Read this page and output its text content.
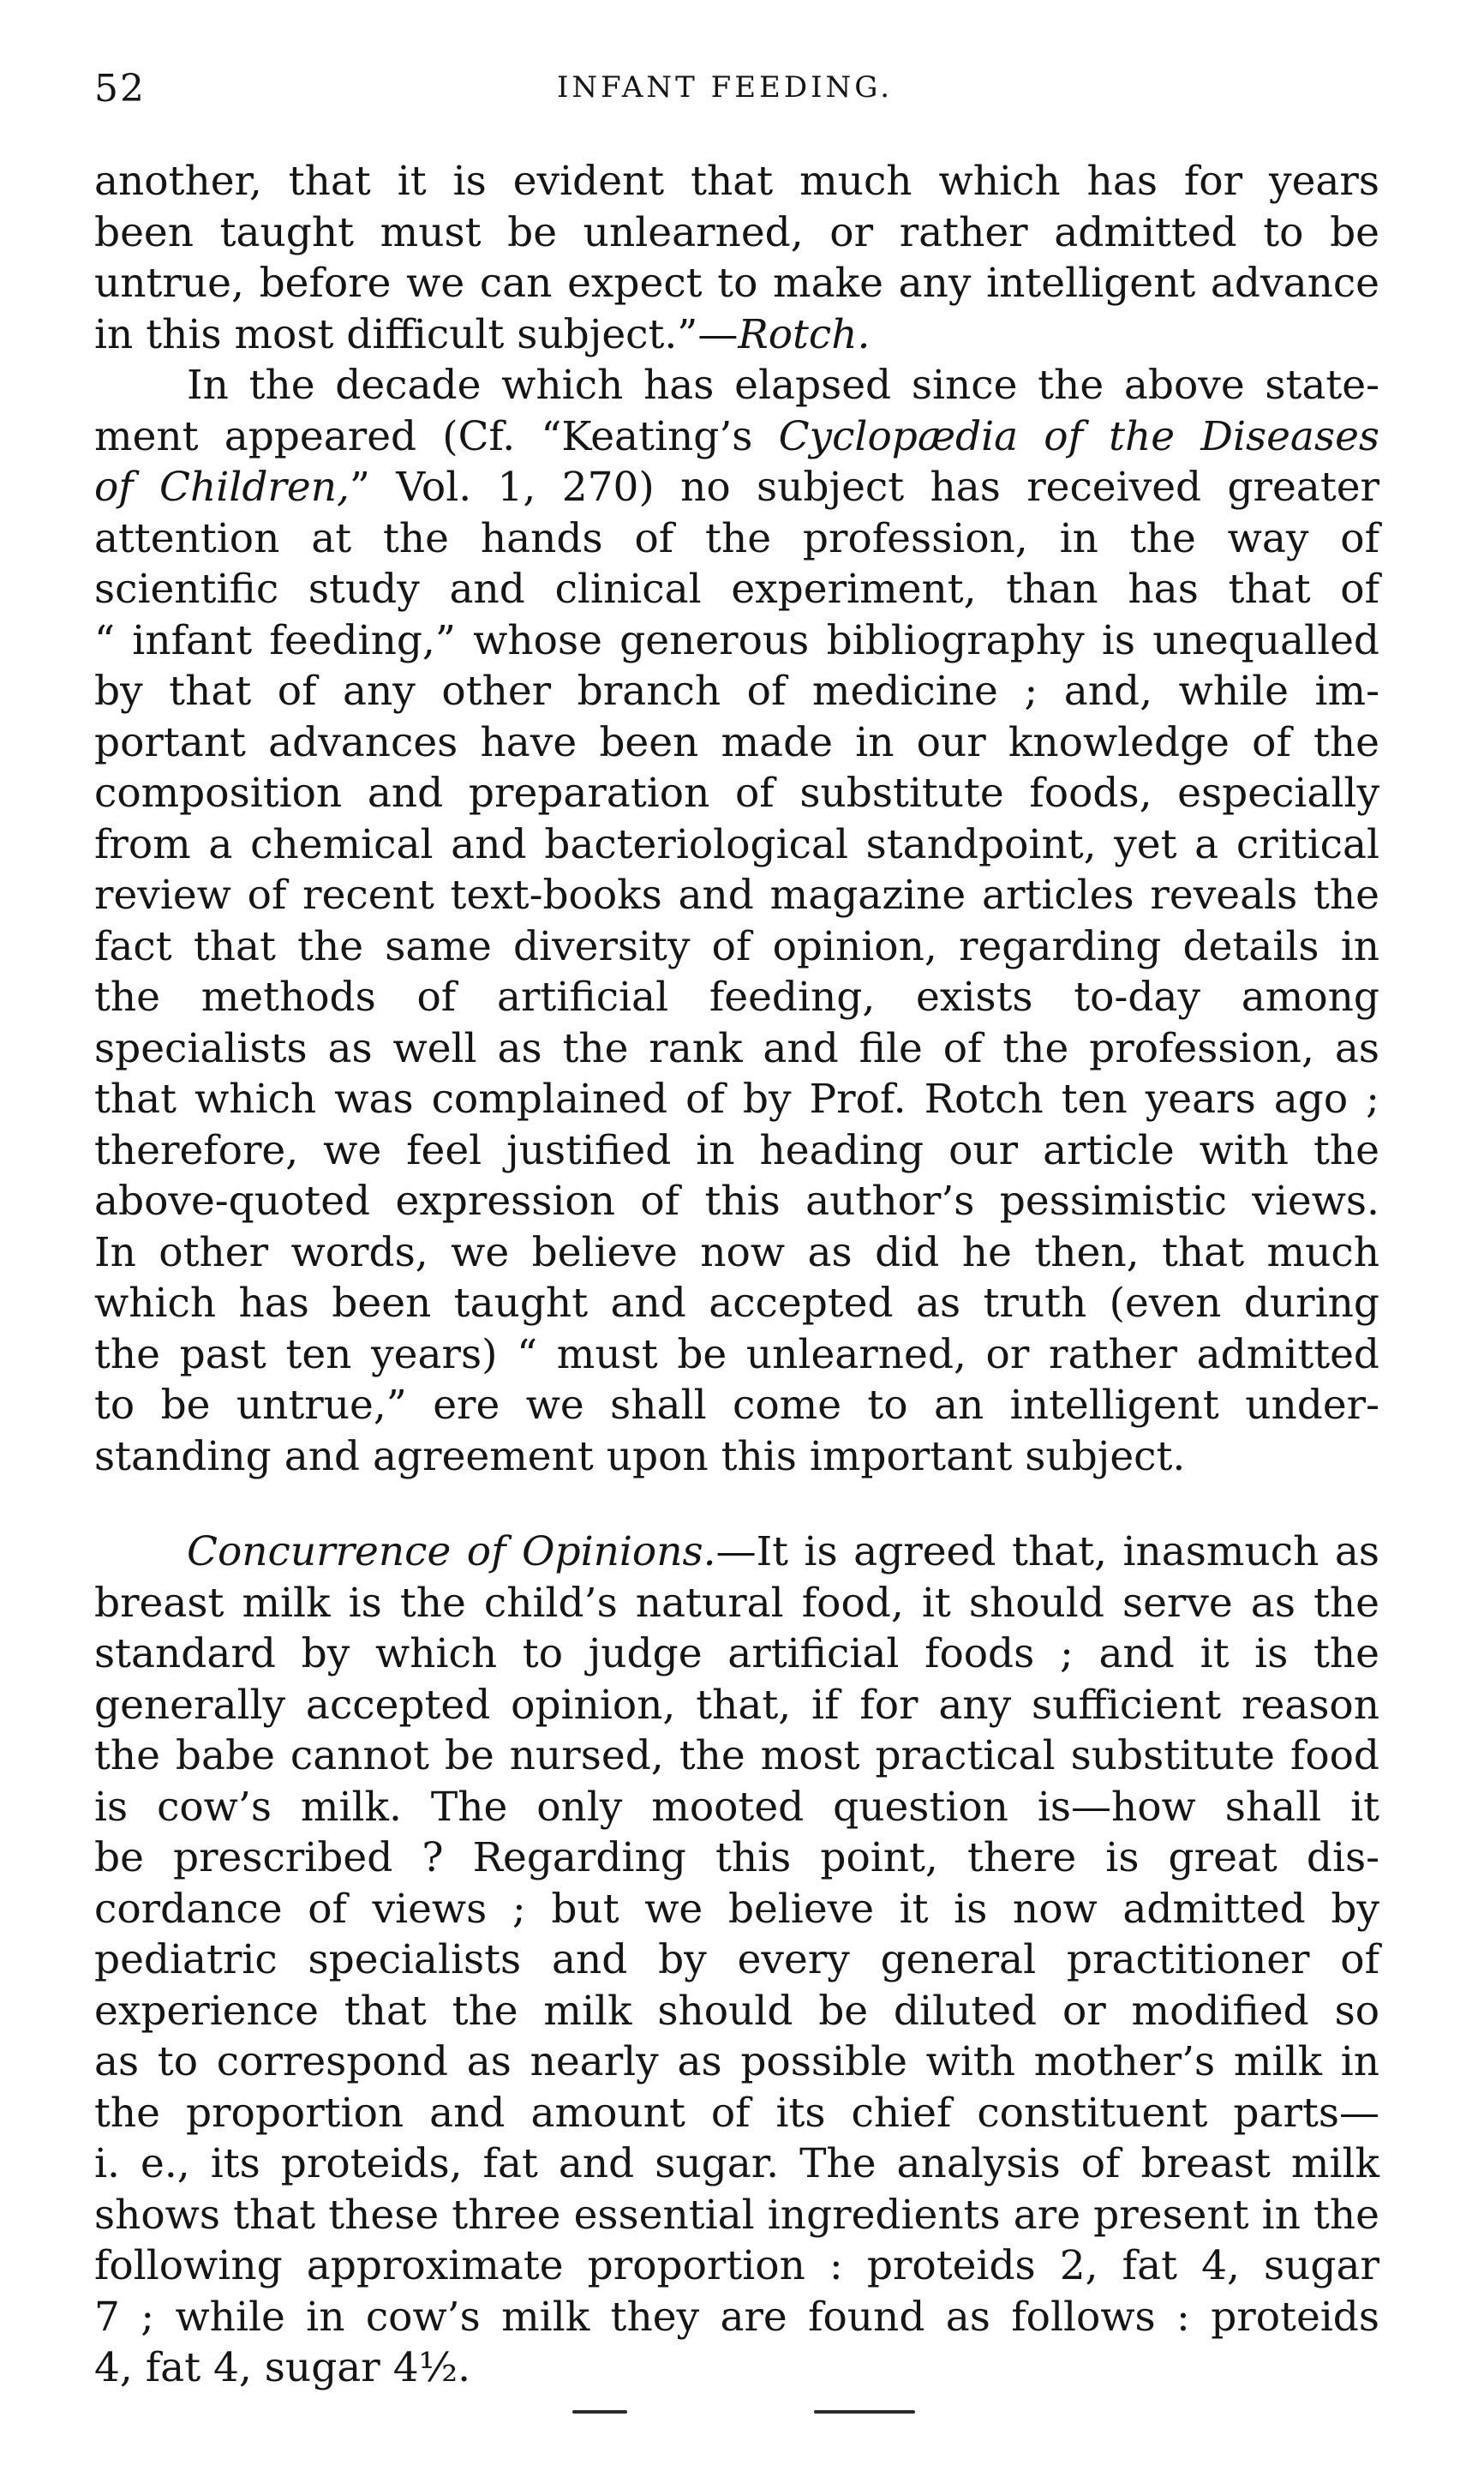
52	INFANT FEEDING.
another, that it is evident that much which has for years
been taught must be unlearned, or rather admitted to be
untrue, before we can expect to make any intelligent advance
in this most difficult subject.”—Rotch.
In the decade which has elapsed since the above state-
ment appeared (Cf. “Keating’s Cyclopædia of the Diseases
of Children,” Vol. 1, 270) no subject has received greater
attention at the hands of the profession, in the way of
scientific study and clinical experiment, than has that of
“ infant feeding,” whose generous bibliography is unequalled
by that of any other branch of medicine ; and, while im-
portant advances have been made in our knowledge of the
composition and preparation of substitute foods, especially
from a chemical and bacteriological standpoint, yet a critical
review of recent text-books and magazine articles reveals the
fact that the same diversity of opinion, regarding details in
the methods of artificial feeding, exists to-day among
specialists as well as the rank and file of the profession, as
that which was complained of by Prof. Rotch ten years ago ;
therefore, we feel justified in heading our article with the
above-quoted expression of this author’s pessimistic views.
In other words, we believe now as did he then, that much
which has been taught and accepted as truth (even during
the past ten years) “ must be unlearned, or rather admitted
to be untrue,” ere we shall come to an intelligent under-
standing and agreement upon this important subject.
Concurrence of Opinions.—It is agreed that, inasmuch as
breast milk is the child’s natural food, it should serve as the
standard by which to judge artificial foods ; and it is the
generally accepted opinion, that, if for any sufficient reason
the babe cannot be nursed, the most practical substitute food
is cow’s milk. The only mooted question is—how shall it
be prescribed ? Regarding this point, there is great dis-
cordance of views ; but we believe it is now admitted by
pediatric specialists and by every general practitioner of
experience that the milk should be diluted or modified so
as to correspond as nearly as possible with mother’s milk in
the proportion and amount of its chief constituent parts—
i. e., its proteids, fat and sugar. The analysis of breast milk
shows that these three essential ingredients are present in the
following approximate proportion : proteids 2, fat 4, sugar
7 ; while in cow’s milk they are found as follows : proteids
4, fat 4, sugar 4½.
